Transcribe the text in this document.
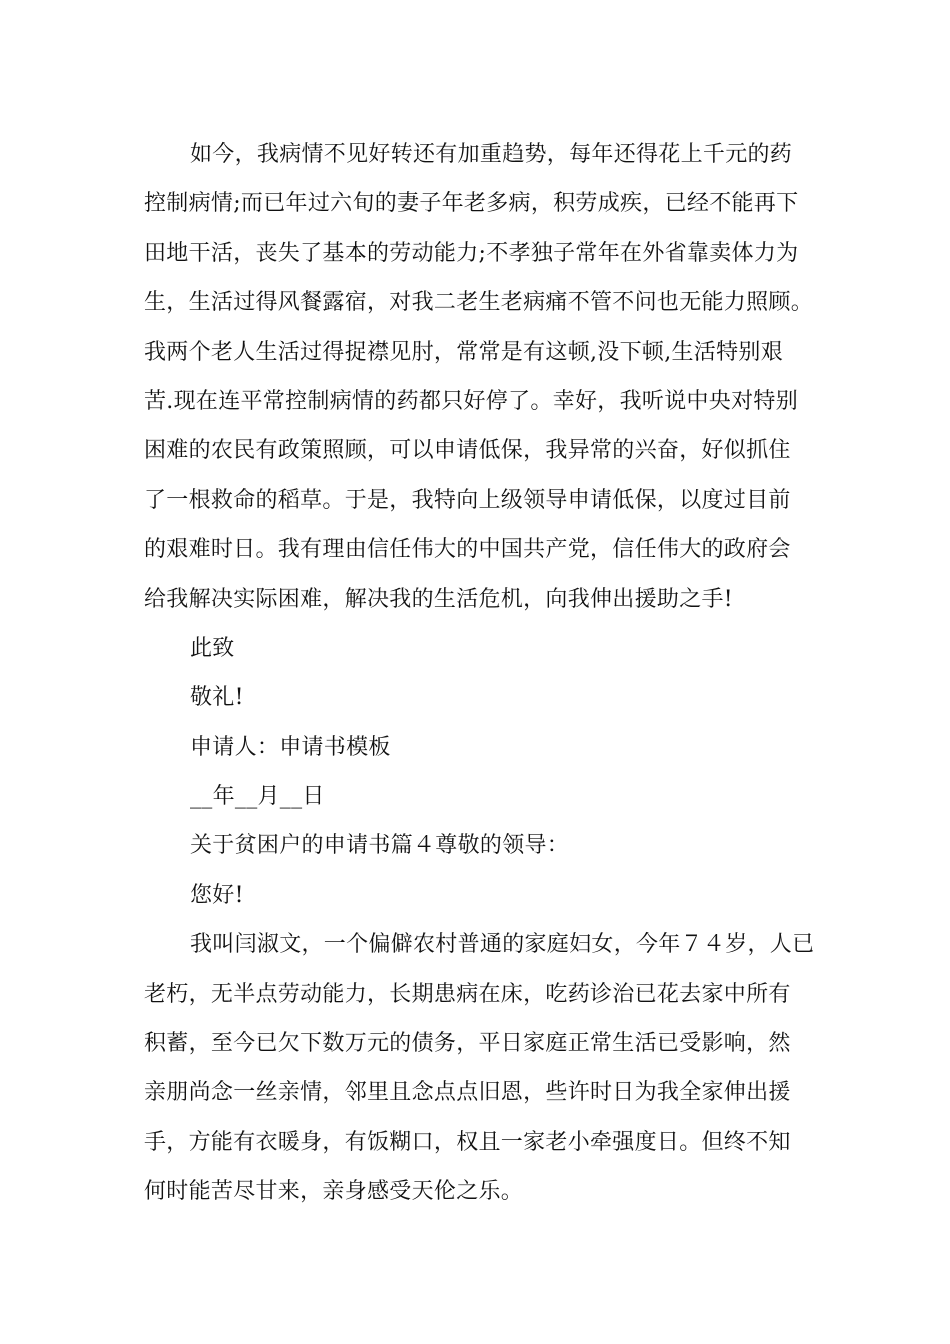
如今，我病情不见好转还有加重趋势，每年还得花上千元的药
控制病情;而已年过六旬的妻子年老多病，积劳成疾，已经不能再下
田地干活，丧失了基本的劳动能力;不孝独子常年在外省靠卖体力为
生，生活过得风餐露宿，对我二老生老病痛不管不问也无能力照顾。
我两个老人生活过得捉襟见肘，常常是有这顿,没下顿,生活特别艰
苦.现在连平常控制病情的药都只好停了。幸好，我听说中央对特别
困难的农民有政策照顾，可以申请低保，我异常的兴奋，好似抓住
了一根救命的稻草。于是，我特向上级领导申请低保，以度过目前
的艰难时日。我有理由信任伟大的中国共产党，信任伟大的政府会
给我解决实际困难，解决我的生活危机，向我伸出援助之手!
此致
敬礼!
申请人：申请书模板
__年__月__日
关于贫困户的申请书篇４尊敬的领导：
您好!
我叫闫淑文，一个偏僻农村普通的家庭妇女，今年７４岁，人已
老朽，无半点劳动能力，长期患病在床，吃药诊治已花去家中所有
积蓄，至今已欠下数万元的债务，平日家庭正常生活已受影响，然
亲朋尚念一丝亲情，邻里且念点点旧恩，些许时日为我全家伸出援
手，方能有衣暖身，有饭糊口，权且一家老小牵强度日。但终不知
何时能苦尽甘来，亲身感受天伦之乐。
